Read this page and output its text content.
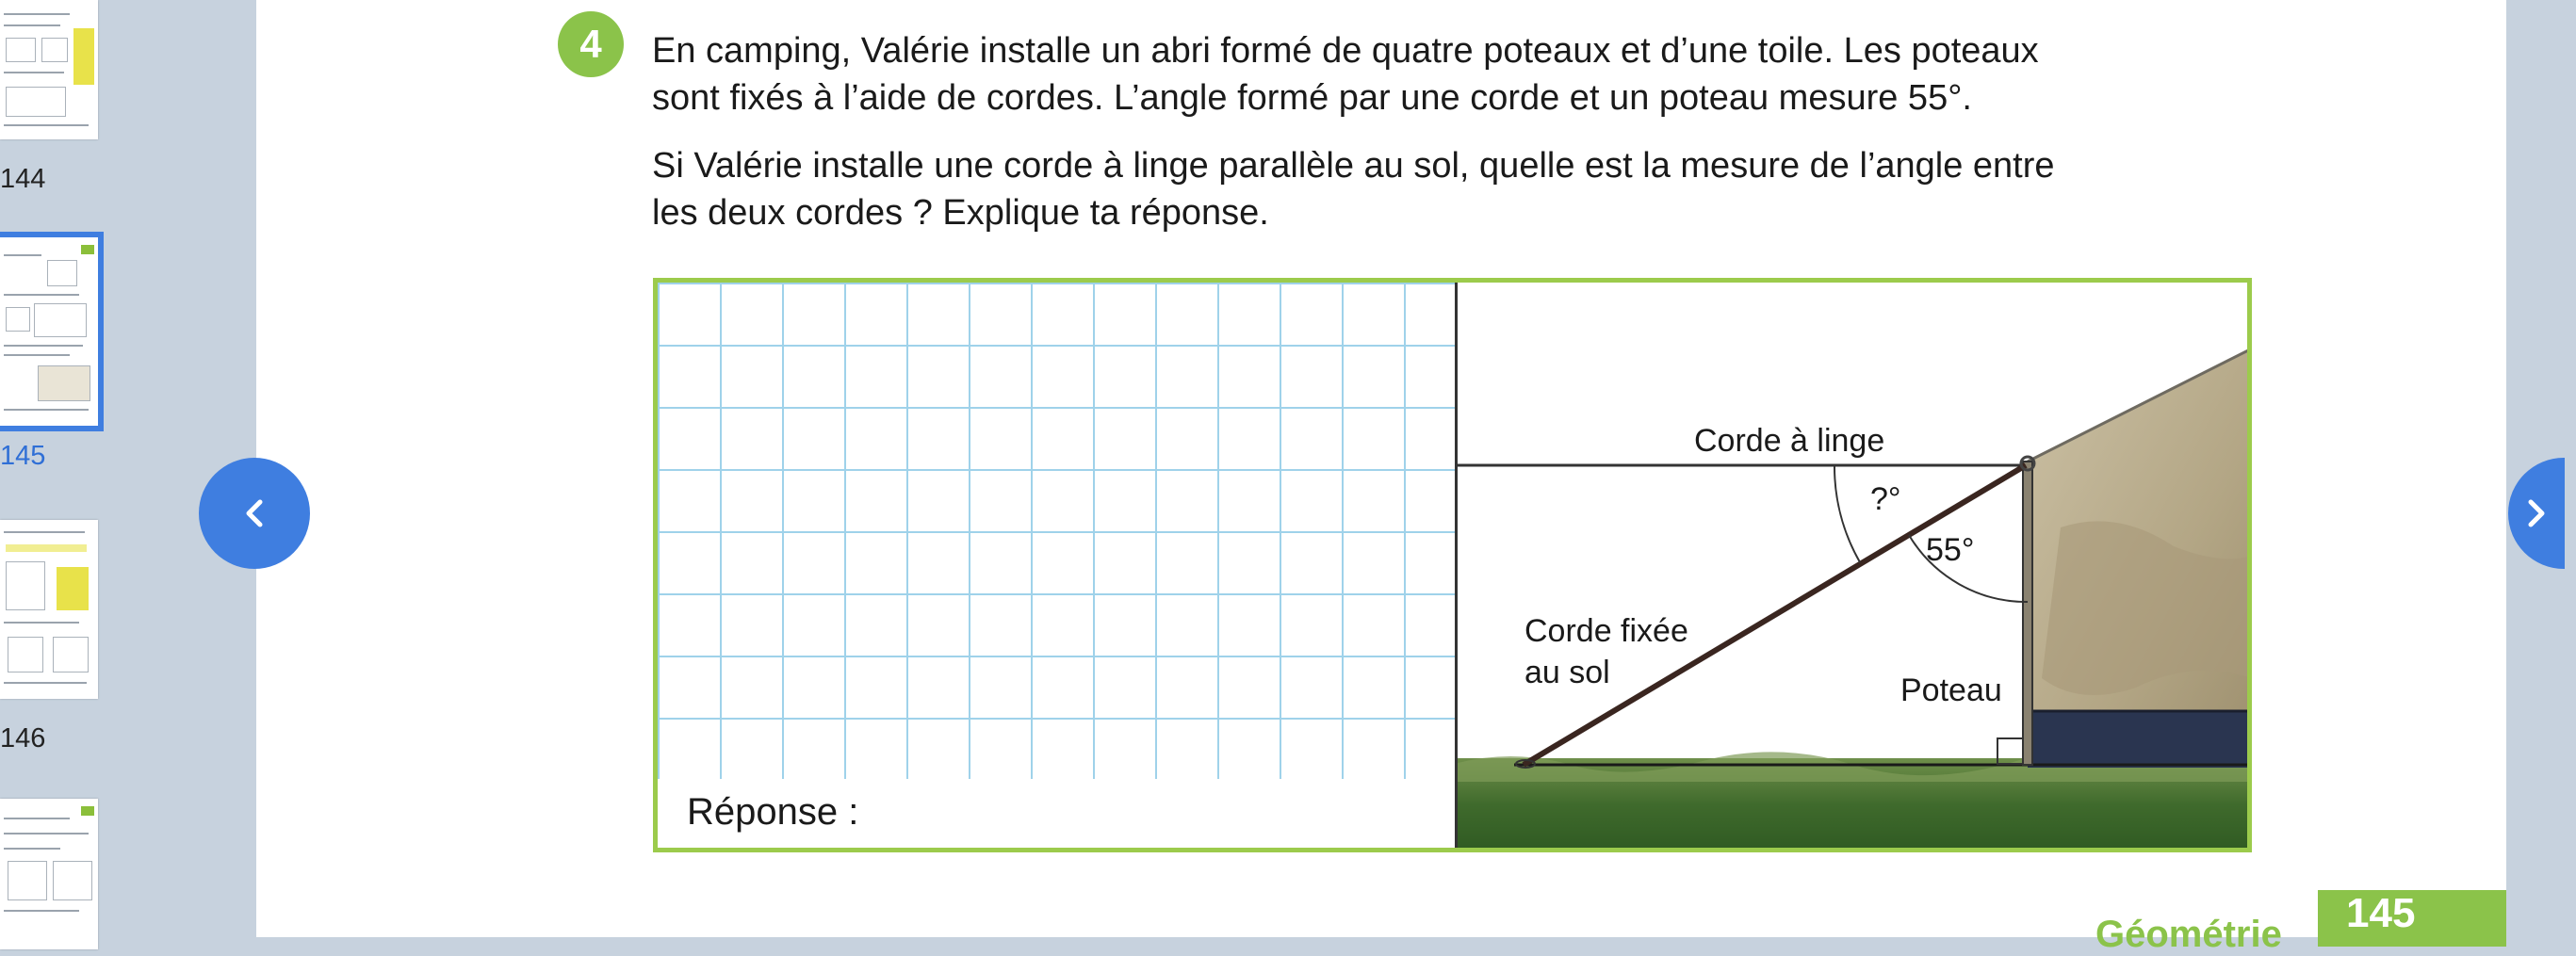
144
145
146
4	En camping, Valérie installe un abri formé de quatre poteaux et d’une toile. Les poteaux
sont fixés à l’aide de cordes. L’angle formé par une corde et un poteau mesure 55°.
Si Valérie installe une corde à linge parallèle au sol, quelle est la mesure de l’angle entre
les deux cordes ? Explique ta réponse.
Réponse :
Corde à linge
?°
55°
Corde fixée
au sol	Poteau
Géométrie	145
